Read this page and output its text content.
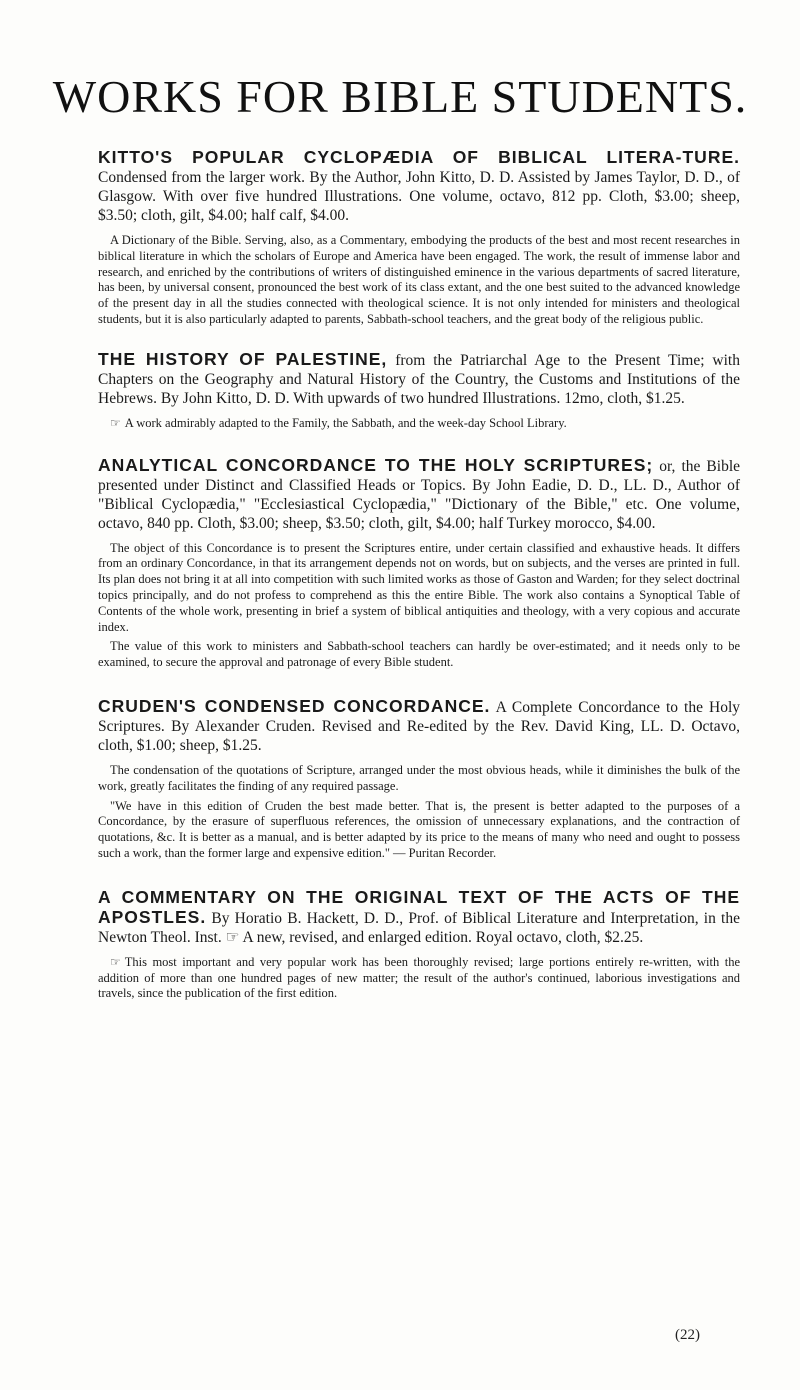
WORKS FOR BIBLE STUDENTS.

KITTO'S POPULAR CYCLOPÆDIA OF BIBLICAL LITERA-TURE. Condensed from the larger work. By the Author, John Kitto, D. D. Assisted by James Taylor, D. D., of Glasgow. With over five hundred Illustrations. One volume, octavo, 812 pp. Cloth, $3.00; sheep, $3.50; cloth, gilt, $4.00; half calf, $4.00.

A Dictionary of the Bible. Serving, also, as a Commentary, embodying the products of the best and most recent researches in biblical literature in which the scholars of Europe and America have been engaged. The work, the result of immense labor and research, and enriched by the contributions of writers of distinguished eminence in the various departments of sacred literature, has been, by universal consent, pronounced the best work of its class extant, and the one best suited to the advanced knowledge of the present day in all the studies connected with theological science. It is not only intended for ministers and theological students, but it is also particularly adapted to parents, Sabbath-school teachers, and the great body of the religious public.

THE HISTORY OF PALESTINE, from the Patriarchal Age to the Present Time; with Chapters on the Geography and Natural History of the Country, the Customs and Institutions of the Hebrews. By John Kitto, D. D. With upwards of two hundred Illustrations. 12mo, cloth, $1.25.

☞ A work admirably adapted to the Family, the Sabbath, and the week-day School Library.

ANALYTICAL CONCORDANCE TO THE HOLY SCRIPTURES; or, the Bible presented under Distinct and Classified Heads or Topics. By John Eadie, D. D., LL. D., Author of "Biblical Cyclopædia," "Ecclesiastical Cyclopædia," "Dictionary of the Bible," etc. One volume, octavo, 840 pp. Cloth, $3.00; sheep, $3.50; cloth, gilt, $4.00; half Turkey morocco, $4.00.

The object of this Concordance is to present the Scriptures entire, under certain classified and exhaustive heads. It differs from an ordinary Concordance, in that its arrangement depends not on words, but on subjects, and the verses are printed in full. Its plan does not bring it at all into competition with such limited works as those of Gaston and Warden; for they select doctrinal topics principally, and do not profess to comprehend as this the entire Bible. The work also contains a Synoptical Table of Contents of the whole work, presenting in brief a system of biblical antiquities and theology, with a very copious and accurate index.

The value of this work to ministers and Sabbath-school teachers can hardly be over-estimated; and it needs only to be examined, to secure the approval and patronage of every Bible student.

CRUDEN'S CONDENSED CONCORDANCE. A Complete Concordance to the Holy Scriptures. By Alexander Cruden. Revised and Re-edited by the Rev. David King, LL. D. Octavo, cloth, $1.00; sheep, $1.25.

The condensation of the quotations of Scripture, arranged under the most obvious heads, while it diminishes the bulk of the work, greatly facilitates the finding of any required passage.

"We have in this edition of Cruden the best made better. That is, the present is better adapted to the purposes of a Concordance, by the erasure of superfluous references, the omission of unnecessary explanations, and the contraction of quotations, &c. It is better as a manual, and is better adapted by its price to the means of many who need and ought to possess such a work, than the former large and expensive edition." — Puritan Recorder.

A COMMENTARY ON THE ORIGINAL TEXT OF THE ACTS OF THE APOSTLES. By Horatio B. Hackett, D. D., Prof. of Biblical Literature and Interpretation, in the Newton Theol. Inst. ☞ A new, revised, and enlarged edition. Royal octavo, cloth, $2.25.

☞ This most important and very popular work has been thoroughly revised; large portions entirely re-written, with the addition of more than one hundred pages of new matter; the result of the author's continued, laborious investigations and travels, since the publication of the first edition.

(22)
